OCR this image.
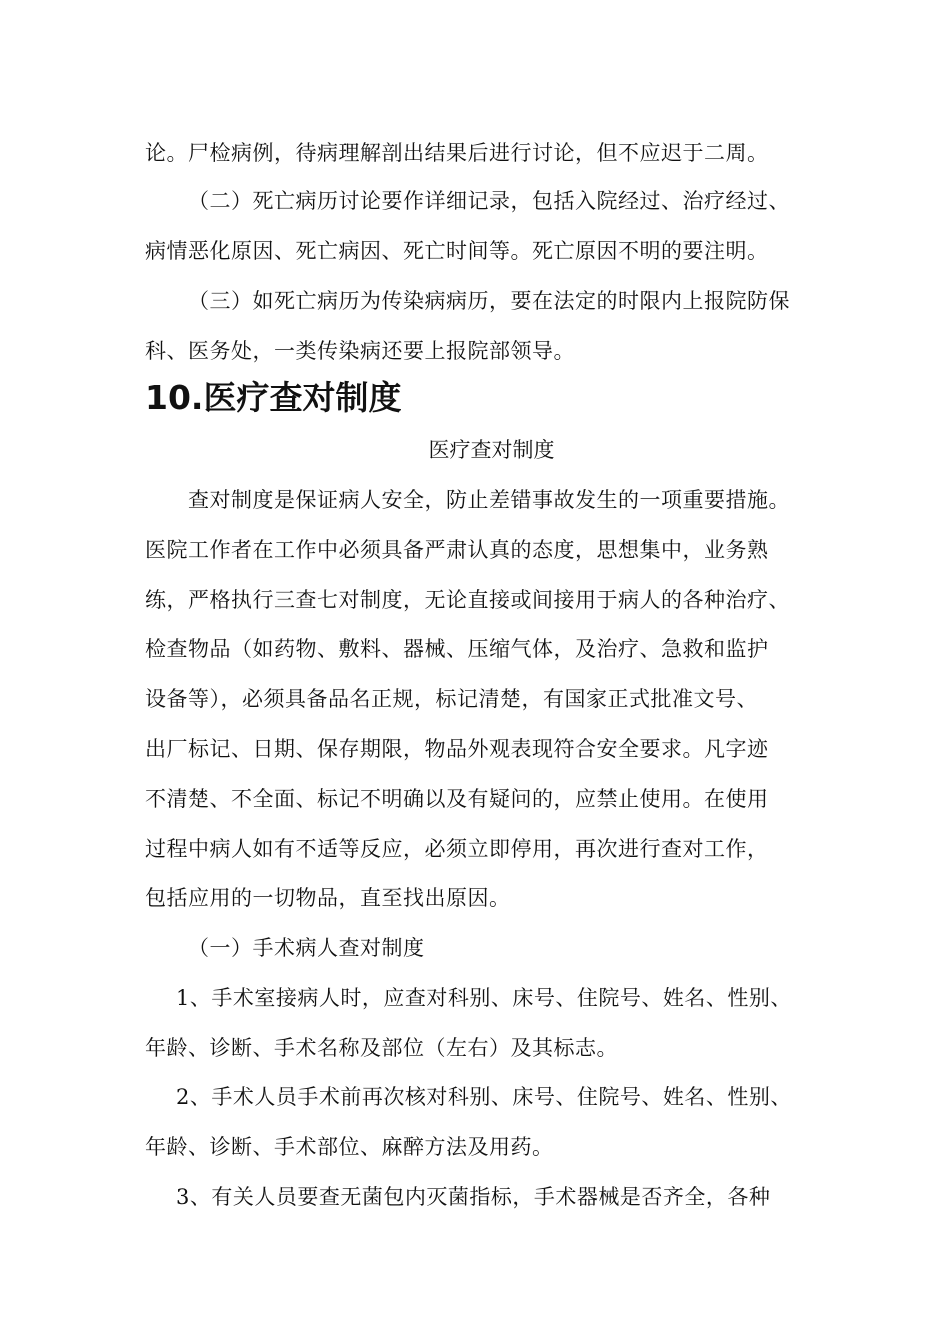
论。尸检病例，待病理解剖出结果后进行讨论，但不应迟于二周。
（二）死亡病历讨论要作详细记录，包括入院经过、治疗经过、
病情恶化原因、死亡病因、死亡时间等。死亡原因不明的要注明。
（三）如死亡病历为传染病病历，要在法定的时限内上报院防保
科、医务处，一类传染病还要上报院部领导。
10.医疗查对制度
医疗查对制度
查对制度是保证病人安全，防止差错事故发生的一项重要措施。
医院工作者在工作中必须具备严肃认真的态度，思想集中，业务熟
练，严格执行三查七对制度，无论直接或间接用于病人的各种治疗、
检查物品（如药物、敷料、器械、压缩气体，及治疗、急救和监护
设备等），必须具备品名正规，标记清楚，有国家正式批准文号、
出厂标记、日期、保存期限，物品外观表现符合安全要求。凡字迹
不清楚、不全面、标记不明确以及有疑问的，应禁止使用。在使用
过程中病人如有不适等反应，必须立即停用，再次进行查对工作，
包括应用的一切物品，直至找出原因。
（一）手术病人查对制度
1、手术室接病人时，应查对科别、床号、住院号、姓名、性别、
年龄、诊断、手术名称及部位（左右）及其标志。
2、手术人员手术前再次核对科别、床号、住院号、姓名、性别、
年龄、诊断、手术部位、麻醉方法及用药。
3、有关人员要查无菌包内灭菌指标，手术器械是否齐全，各种
